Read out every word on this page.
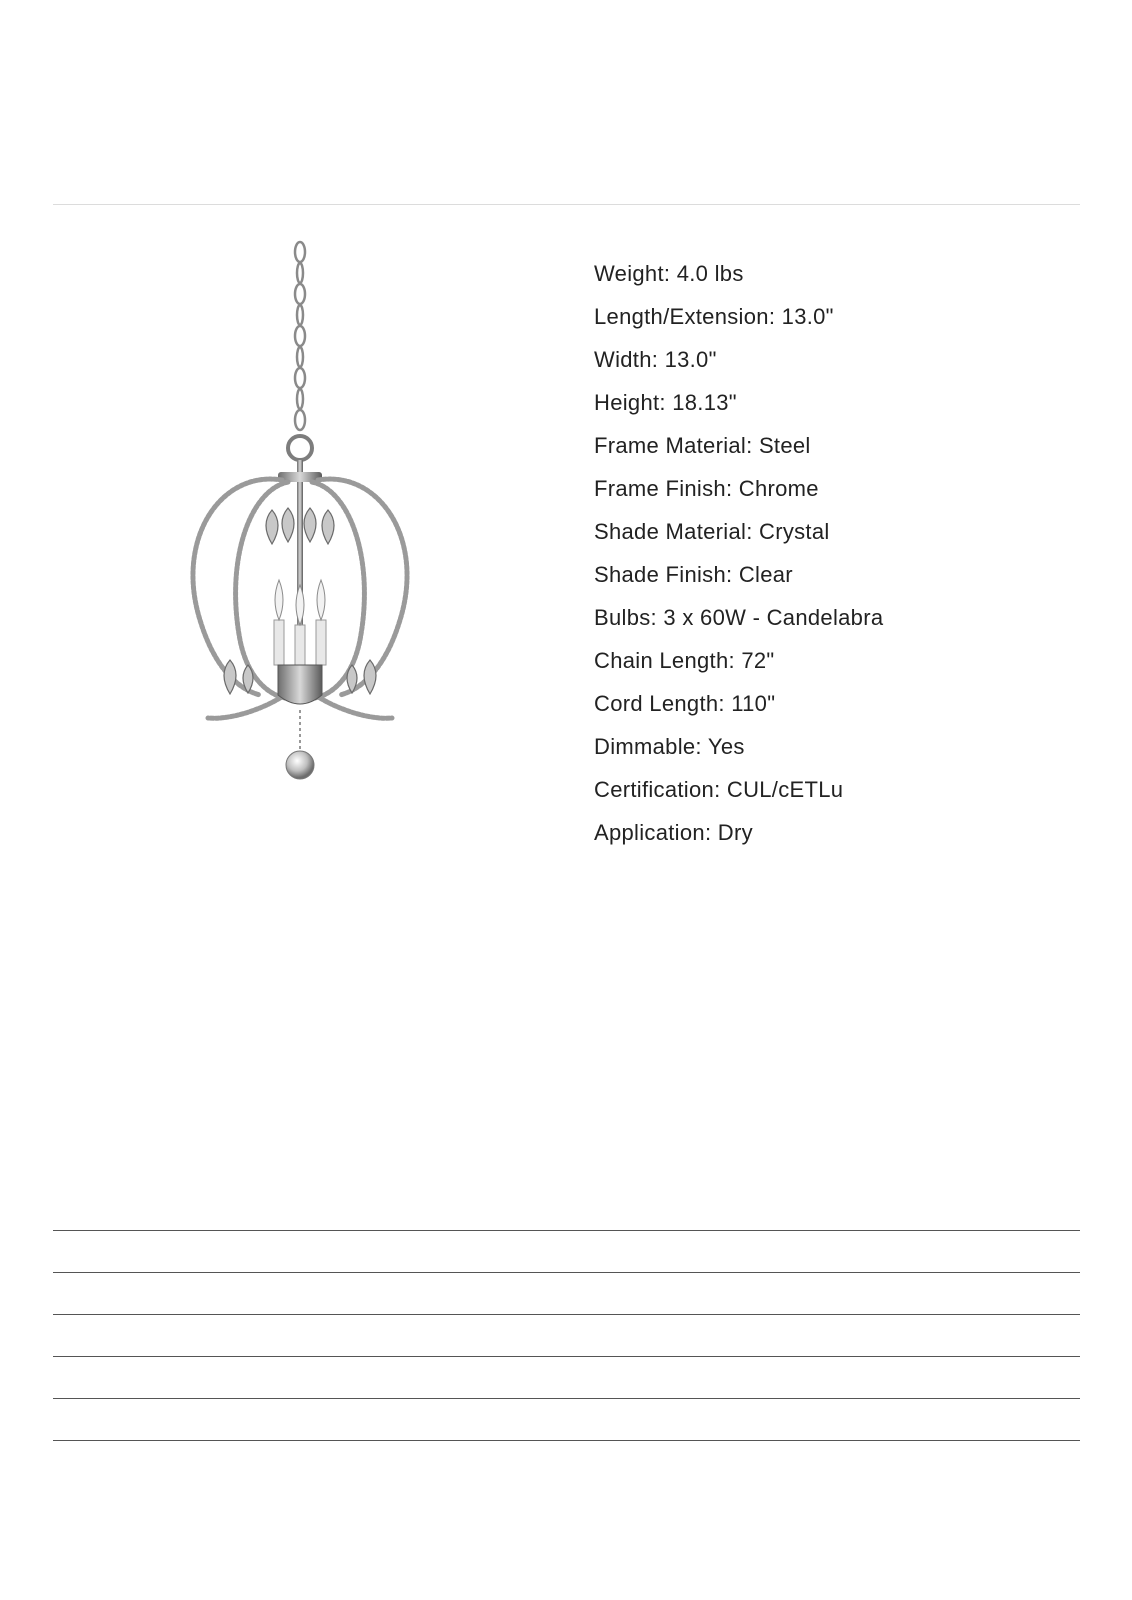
Weight: 4.0 lbs
Length/Extension: 13.0"
Width: 13.0"
Height: 18.13"
Frame Material: Steel
Frame Finish: Chrome
Shade Material: Crystal
Shade Finish: Clear
Bulbs: 3 x 60W - Candelabra
Chain Length: 72"
Cord Length: 110"
Dimmable: Yes
Certification: CUL/cETLu
Application: Dry
